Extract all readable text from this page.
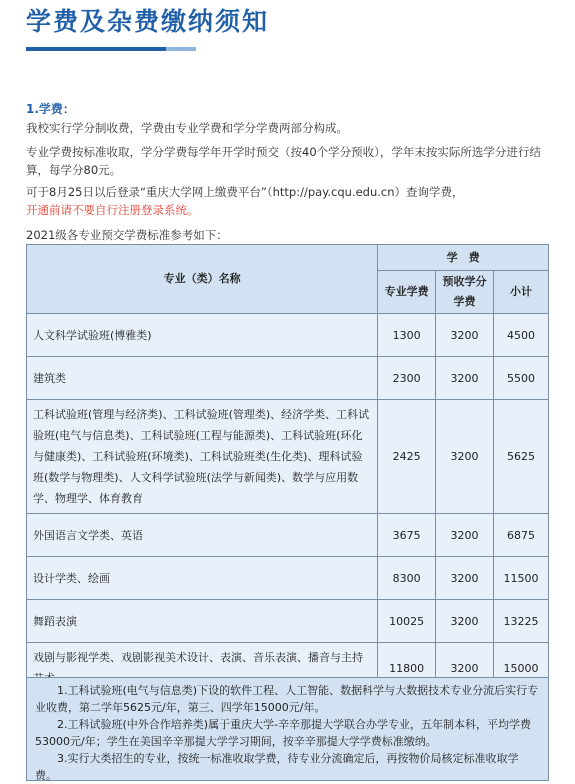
学费及杂费缴纳须知
1.学费：
我校实行学分制收费，学费由专业学费和学分学费两部分构成。
专业学费按标准收取，学分学费每学年开学时预交（按40个学分预收），学年末按实际所选学分进行结算，每学分80元。
可于8月25日以后登录“重庆大学网上缴费平台”（http://pay.cqu.edu.cn）查询学费，
开通前请不要自行注册登录系统。
2021级各专业预交学费标准参考如下：
专业（类）名称	学　费		
	专业学费	预收学分学费	小计
人文科学试验班(博雅类)	1300	3200	4500
建筑类	2300	3200	5500
工科试验班(管理与经济类)、工科试验班(管理类)、经济学类、工科试验班(电气与信息类)、工科试验班(工程与能源类)、工科试验班(环化与健康类)、工科试验班(环境类)、工科试验班类(生化类)、理科试验班(数学与物理类)、人文科学试验班(法学与新闻类)、数学与应用数学、物理学、体育教育	2425	3200	5625
外国语言文学类、英语	3675	3200	6875
设计学类、绘画	8300	3200	11500
舞蹈表演	10025	3200	13225
戏剧与影视学类、戏剧影视美术设计、表演、音乐表演、播音与主持	11800	3200	15000

1.工科试验班(电气与信息类)下设的软件工程、人工智能、数据科学与大数据技术专业分流后实行专业收费，第二学年5625元/年，第三、四学年15000元/年。

2.工科试验班(中外合作培养类)属于重庆大学-辛辛那提大学联合办学专业，五年制本科，平均学费53000元/年；学生在美国辛辛那提大学学习期间，按辛辛那提大学学费标准缴纳。

3.实行大类招生的专业，按统一标准收取学费，待专业分流确定后，再按物价局核定标准收取学费。
